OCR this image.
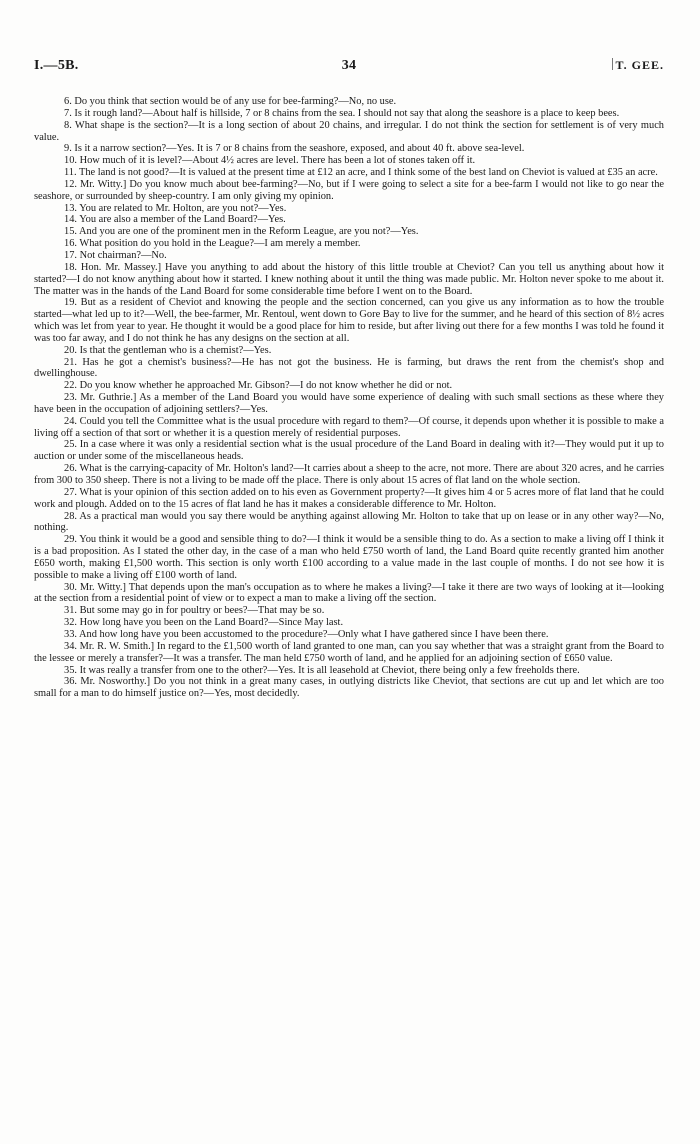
I.—5B.	34	T. GEE.

6. Do you think that section would be of any use for bee-farming?—No, no use.

7. Is it rough land?—About half is hillside, 7 or 8 chains from the sea. I should not say that along the seashore is a place to keep bees.

8. What shape is the section?—It is a long section of about 20 chains, and irregular. I do not think the section for settlement is of very much value.

9. Is it a narrow section?—Yes. It is 7 or 8 chains from the seashore, exposed, and about 40 ft. above sea-level.

10. How much of it is level?—About 4½ acres are level. There has been a lot of stones taken off it.

11. The land is not good?—It is valued at the present time at £12 an acre, and I think some of the best land on Cheviot is valued at £35 an acre.

12. Mr. Witty.] Do you know much about bee-farming?—No, but if I were going to select a site for a bee-farm I would not like to go near the seashore, or surrounded by sheep-country. I am only giving my opinion.

13. You are related to Mr. Holton, are you not?—Yes.

14. You are also a member of the Land Board?—Yes.

15. And you are one of the prominent men in the Reform League, are you not?—Yes.

16. What position do you hold in the League?—I am merely a member.

17. Not chairman?—No.

18. Hon. Mr. Massey.] Have you anything to add about the history of this little trouble at Cheviot? Can you tell us anything about how it started?—I do not know anything about how it started. I knew nothing about it until the thing was made public. Mr. Holton never spoke to me about it. The matter was in the hands of the Land Board for some considerable time before I went on to the Board.

19. But as a resident of Cheviot and knowing the people and the section concerned, can you give us any information as to how the trouble started—what led up to it?—Well, the bee-farmer, Mr. Rentoul, went down to Gore Bay to live for the summer, and he heard of this section of 8½ acres which was let from year to year. He thought it would be a good place for him to reside, but after living out there for a few months I was told he found it was too far away, and I do not think he has any designs on the section at all.

20. Is that the gentleman who is a chemist?—Yes.

21. Has he got a chemist's business?—He has not got the business. He is farming, but draws the rent from the chemist's shop and dwellinghouse.

22. Do you know whether he approached Mr. Gibson?—I do not know whether he did or not.

23. Mr. Guthrie.] As a member of the Land Board you would have some experience of dealing with such small sections as these where they have been in the occupation of adjoining settlers?—Yes.

24. Could you tell the Committee what is the usual procedure with regard to them?—Of course, it depends upon whether it is possible to make a living off a section of that sort or whether it is a question merely of residential purposes.

25. In a case where it was only a residential section what is the usual procedure of the Land Board in dealing with it?—They would put it up to auction or under some of the miscellaneous heads.

26. What is the carrying-capacity of Mr. Holton's land?—It carries about a sheep to the acre, not more. There are about 320 acres, and he carries from 300 to 350 sheep. There is not a living to be made off the place. There is only about 15 acres of flat land on the whole section.

27. What is your opinion of this section added on to his even as Government property?—It gives him 4 or 5 acres more of flat land that he could work and plough. Added on to the 15 acres of flat land he has it makes a considerable difference to Mr. Holton.

28. As a practical man would you say there would be anything against allowing Mr. Holton to take that up on lease or in any other way?—No, nothing.

29. You think it would be a good and sensible thing to do?—I think it would be a sensible thing to do. As a section to make a living off I think it is a bad proposition. As I stated the other day, in the case of a man who held £750 worth of land, the Land Board quite recently granted him another £650 worth, making £1,500 worth. This section is only worth £100 according to a value made in the last couple of months. I do not see how it is possible to make a living off £100 worth of land.

30. Mr. Witty.] That depends upon the man's occupation as to where he makes a living?—I take it there are two ways of looking at it—looking at the section from a residential point of view or to expect a man to make a living off the section.

31. But some may go in for poultry or bees?—That may be so.

32. How long have you been on the Land Board?—Since May last.

33. And how long have you been accustomed to the procedure?—Only what I have gathered since I have been there.

34. Mr. R. W. Smith.] In regard to the £1,500 worth of land granted to one man, can you say whether that was a straight grant from the Board to the lessee or merely a transfer?—It was a transfer. The man held £750 worth of land, and he applied for an adjoining section of £650 value.

35. It was really a transfer from one to the other?—Yes. It is all leasehold at Cheviot, there being only a few freeholds there.

36. Mr. Nosworthy.] Do you not think in a great many cases, in outlying districts like Cheviot, that sections are cut up and let which are too small for a man to do himself justice on?—Yes, most decidedly.
